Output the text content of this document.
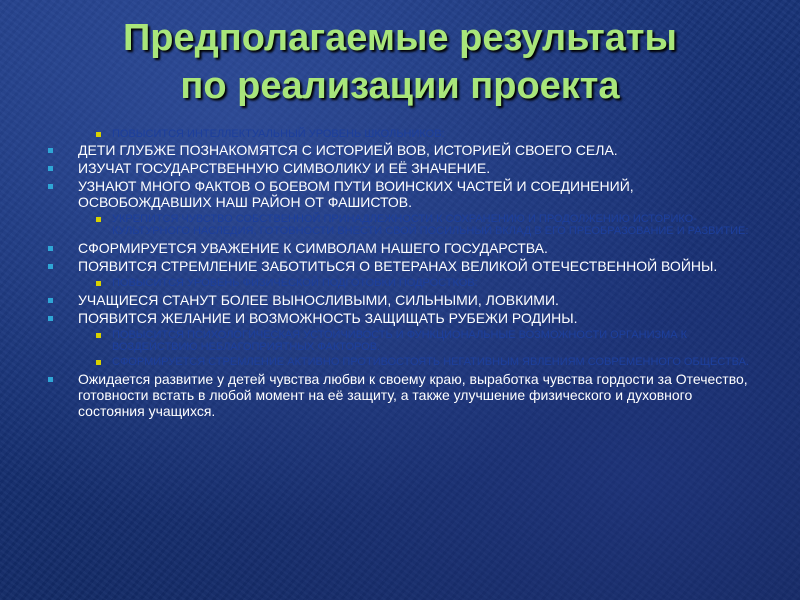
Предполагаемые результаты
по реализации проекта
ПОВЫСИТСЯ ИНТЕЛЛЕКТУАЛЬНЫЙ УРОВЕНЬ ШКОЛЬНИКОВ:
ДЕТИ ГЛУБЖЕ ПОЗНАКОМЯТСЯ С ИСТОРИЕЙ ВОВ, ИСТОРИЕЙ СВОЕГО СЕЛА.
ИЗУЧАТ ГОСУДАРСТВЕННУЮ СИМВОЛИКУ И ЕЁ ЗНАЧЕНИЕ.
УЗНАЮТ МНОГО ФАКТОВ О БОЕВОМ ПУТИ ВОИНСКИХ ЧАСТЕЙ И СОЕДИНЕНИЙ, ОСВОБОЖДАВШИХ НАШ РАЙОН ОТ ФАШИСТОВ.
УКРЕПИТСЯ ЧУВСТВО СОБСТВЕННОЙ ПРИНАДЛЕЖНОСТИ К СОХРАНЕНИЮ И ПРОДОЛЖЕНИЮ ИСТОРИКО-КУЛЬТУРНОГО НАСЛЕДИЯ, ГОТОВНОСТИ ВНЕСТИ СВОЙ ПОСИЛЬНЫЙ ВКЛАД В ЕГО ПРЕОБРАЗОВАНИЕ И РАЗВИТИЕ:
СФОРМИРУЕТСЯ УВАЖЕНИЕ К СИМВОЛАМ НАШЕГО ГОСУДАРСТВА.
ПОЯВИТСЯ СТРЕМЛЕНИЕ ЗАБОТИТЬСЯ О ВЕТЕРАНАХ ВЕЛИКОЙ ОТЕЧЕСТВЕННОЙ ВОЙНЫ.
ПОВЫСИТСЯ УРОВЕНЬ ФИЗИЧЕСКОЙ ПОДГОТОВКИ ПОДРОСТКОВ:
УЧАЩИЕСЯ СТАНУТ БОЛЕЕ ВЫНОСЛИВЫМИ, СИЛЬНЫМИ, ЛОВКИМИ.
ПОЯВИТСЯ ЖЕЛАНИЕ И ВОЗМОЖНОСТЬ ЗАЩИЩАТЬ РУБЕЖИ РОДИНЫ.
ПОВЫСИТСЯ ПСИХОЛОГИЧЕСКАЯ УСТОЙЧИВОСТЬ И ФУНКЦИОНАЛЬНЫЕ ВОЗМОЖНОСТИ ОРГАНИЗМА К ВОЗДЕЙСТВИЮ НЕБЛАГОПРИЯТНЫХ ФАКТОРОВ.
СФОРМИРУЕТСЯ СТРЕМЛЕНИЕ АКТИВНО ПРОТИВОСТОЯТЬ НЕГАТИВНЫМ ЯВЛЕНИЯМ СОВРЕМЕННОГО ОБЩЕСТВА.
Ожидается развитие у детей чувства любви к своему краю, выработка чувства гордости за Отечество, готовности встать в любой момент на её защиту, а также улучшение физического и духовного состояния учащихся.
